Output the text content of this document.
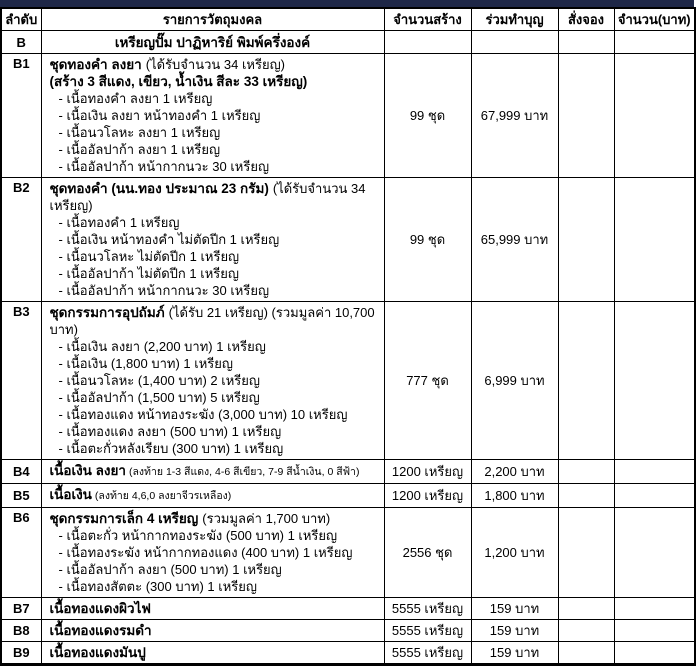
ลำดับ	รายการวัตถุมงคล	จำนวนสร้าง	ร่วมทำบุญ	สั่งจอง	จำนวน(บาท)
B	เหรียญปั๊ม ปาฏิหาริย์ พิมพ์ครึ่งองค์				
B1	ชุดทองคำ ลงยา (ได้รับจำนวน 34 เหรียญ)
(สร้าง 3 สีแดง, เขียว, น้ำเงิน สีละ 33 เหรียญ)
- เนื้อทองคำ ลงยา 1 เหรียญ
- เนื้อเงิน ลงยา หน้าทองคำ 1 เหรียญ
- เนื้อนวโลหะ ลงยา 1 เหรียญ
- เนื้ออัลปาก้า ลงยา 1 เหรียญ
- เนื้ออัลปาก้า หน้ากากนวะ 30 เหรียญ
	99 ชุด	67,999 บาท		
B2	ชุดทองคำ (นน.ทอง ประมาณ 23 กรัม) (ได้รับจำนวน 34 เหรียญ)
- เนื้อทองคำ 1 เหรียญ
- เนื้อเงิน หน้าทองคำ ไม่ตัดปีก 1 เหรียญ
- เนื้อนวโลหะ ไม่ตัดปีก 1 เหรียญ
- เนื้ออัลปาก้า ไม่ตัดปีก 1 เหรียญ
- เนื้ออัลปาก้า หน้ากากนวะ 30 เหรียญ
	99 ชุด	65,999 บาท		
B3	ชุดกรรมการอุปถัมภ์ (ได้รับ 21 เหรียญ) (รวมมูลค่า 10,700 บาท)
- เนื้อเงิน ลงยา (2,200 บาท) 1 เหรียญ
- เนื้อเงิน (1,800 บาท) 1 เหรียญ
- เนื้อนวโลหะ (1,400 บาท) 2 เหรียญ
- เนื้ออัลปาก้า (1,500 บาท) 5 เหรียญ
- เนื้อทองแดง หน้าทองระฆัง (3,000 บาท) 10 เหรียญ
- เนื้อทองแดง ลงยา (500 บาท) 1 เหรียญ
- เนื้อตะกั่วหลังเรียบ (300 บาท) 1 เหรียญ
	777 ชุด	6,999 บาท		
B4	เนื้อเงิน ลงยา (ลงท้าย 1-3 สีแดง, 4-6 สีเขียว, 7-9 สีน้ำเงิน, 0 สีฟ้า)	1200 เหรียญ	2,200 บาท		
B5	เนื้อเงิน (ลงท้าย 4,6,0 ลงยาจีวรเหลือง)	1200 เหรียญ	1,800 บาท		
B6	ชุดกรรมการเล็ก 4 เหรียญ (รวมมูลค่า 1,700 บาท)
- เนื้อตะกั่ว หน้ากากทองระฆัง (500 บาท) 1 เหรียญ
- เนื้อทองระฆัง หน้ากากทองแดง (400 บาท) 1 เหรียญ
- เนื้ออัลปาก้า ลงยา (500 บาท) 1 เหรียญ
- เนื้อทองสัตตะ (300 บาท) 1 เหรียญ	2556 ชุด	1,200 บาท		
B7	เนื้อทองแดงผิวไฟ	5555 เหรียญ	159 บาท		
B8	เนื้อทองแดงรมดำ	5555 เหรียญ	159 บาท		
B9	เนื้อทองแดงมันปู	5555 เหรียญ	159 บาท		
